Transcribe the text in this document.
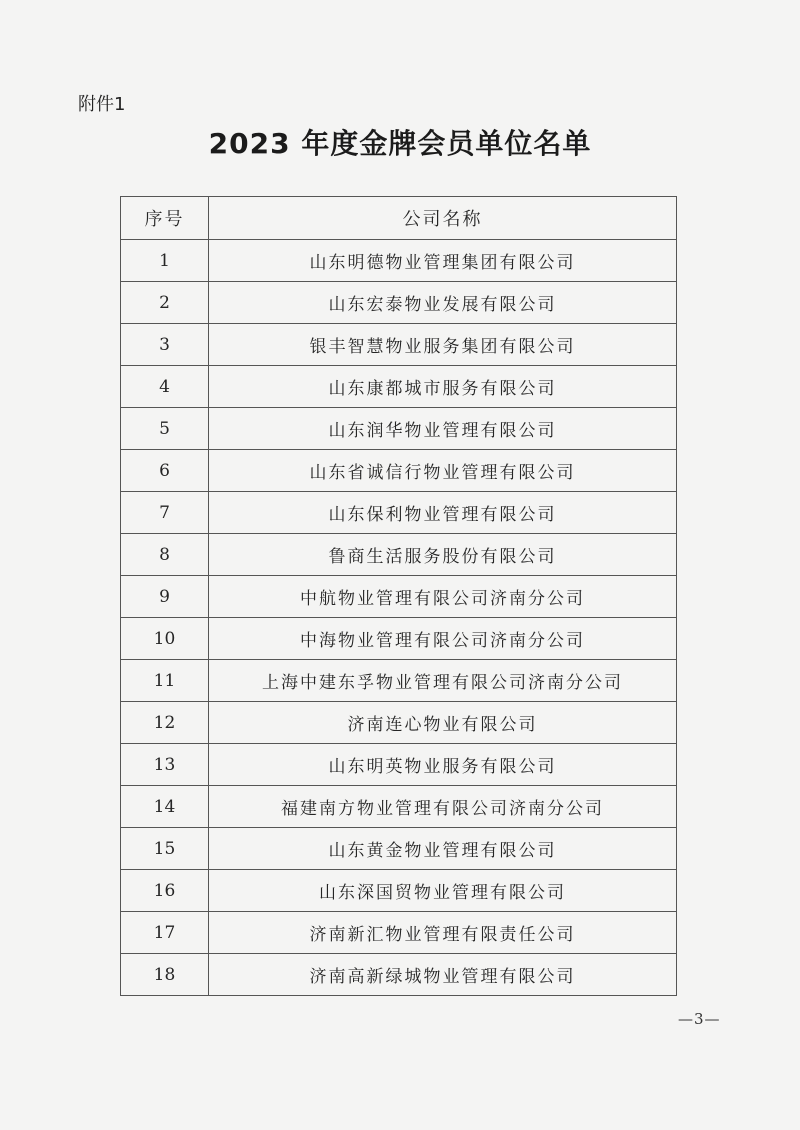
附件1
2023 年度金牌会员单位名单
序号	公司名称
1	山东明德物业管理集团有限公司
2	山东宏泰物业发展有限公司
3	银丰智慧物业服务集团有限公司
4	山东康都城市服务有限公司
5	山东润华物业管理有限公司
6	山东省诚信行物业管理有限公司
7	山东保利物业管理有限公司
8	鲁商生活服务股份有限公司
9	中航物业管理有限公司济南分公司
10	中海物业管理有限公司济南分公司
11	上海中建东孚物业管理有限公司济南分公司
12	济南连心物业有限公司
13	山东明英物业服务有限公司
14	福建南方物业管理有限公司济南分公司
15	山东黄金物业管理有限公司
16	山东深国贸物业管理有限公司
17	济南新汇物业管理有限责任公司
18	济南高新绿城物业管理有限公司
—3—
